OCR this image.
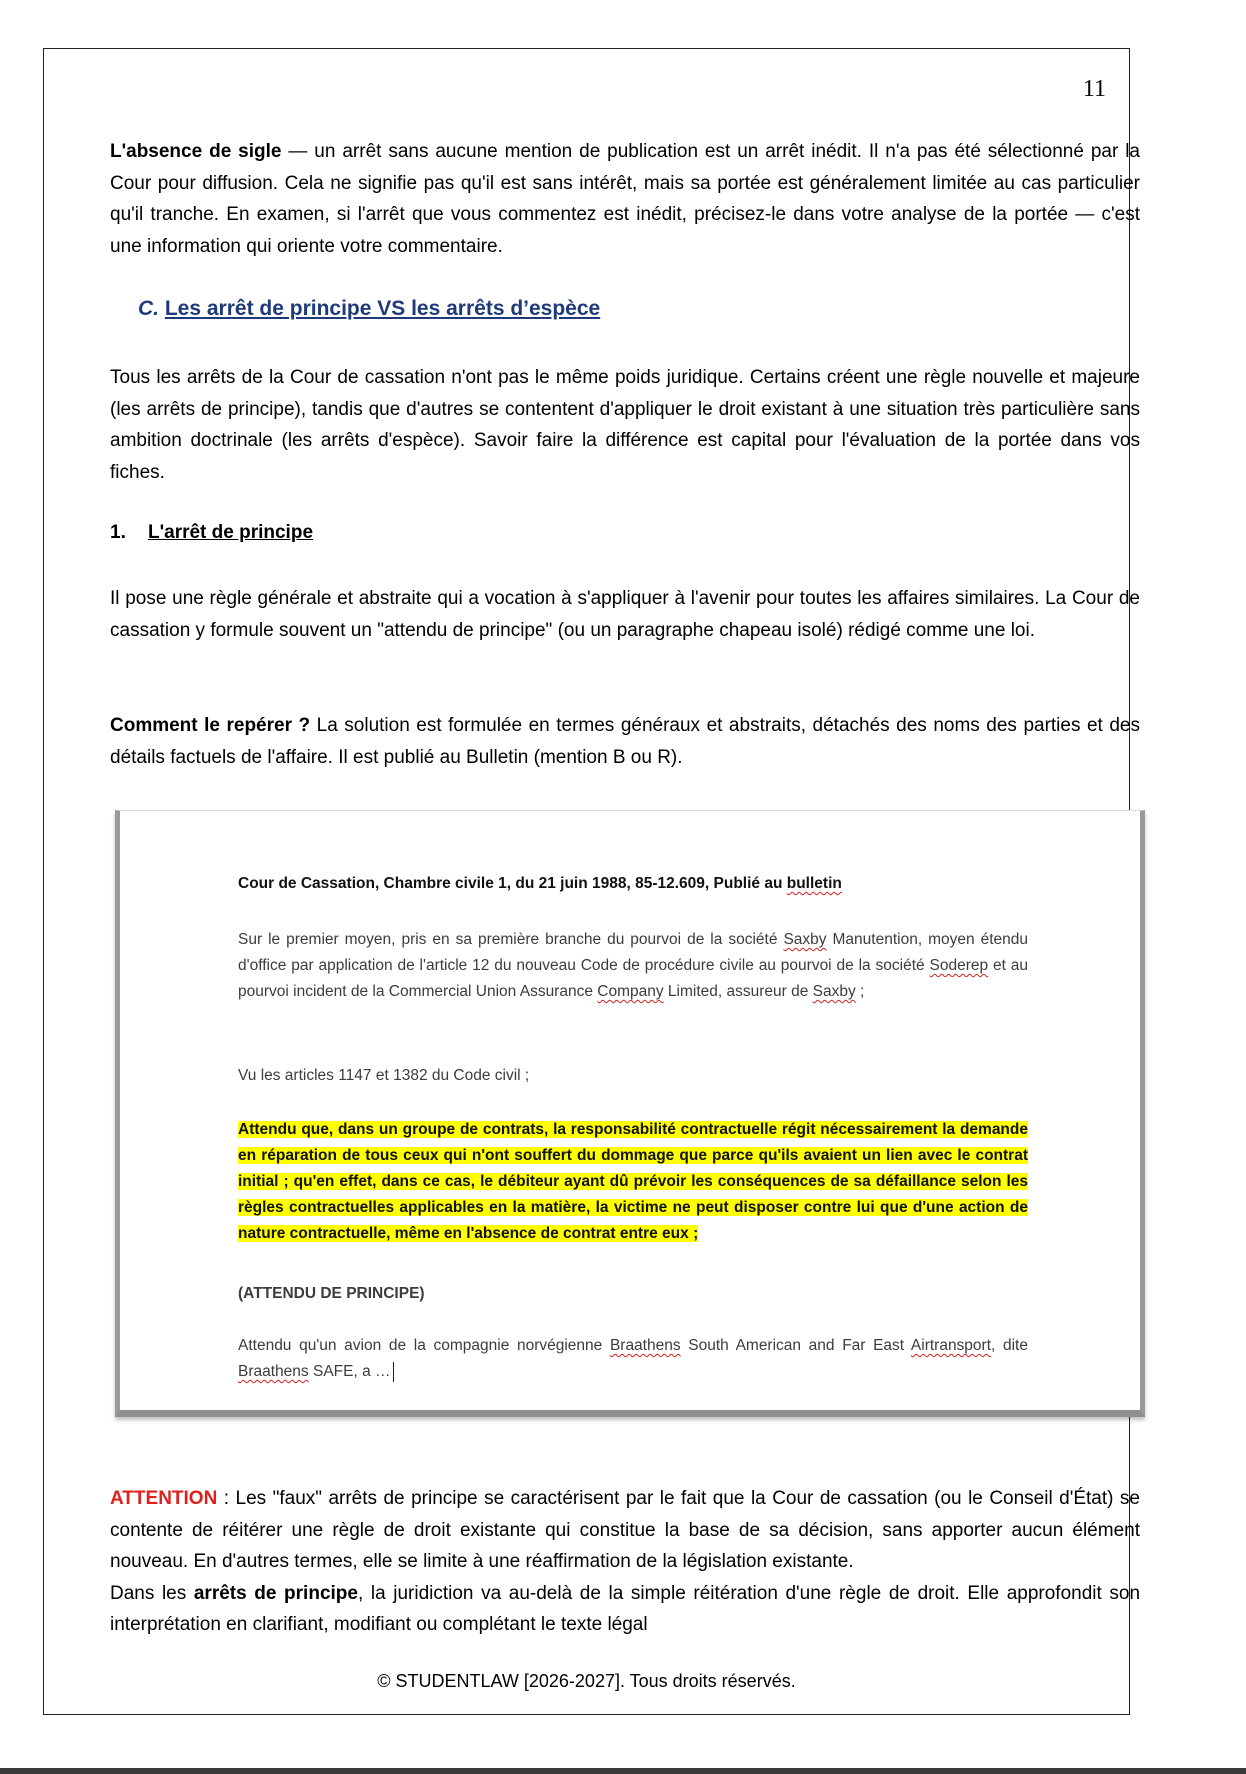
11

L'absence de sigle — un arrêt sans aucune mention de publication est un arrêt inédit. Il n'a pas été sélectionné par la Cour pour diffusion. Cela ne signifie pas qu'il est sans intérêt, mais sa portée est généralement limitée au cas particulier qu'il tranche. En examen, si l'arrêt que vous commentez est inédit, précisez-le dans votre analyse de la portée — c'est une information qui oriente votre commentaire.

C. Les arrêt de principe VS les arrêts d’espèce

Tous les arrêts de la Cour de cassation n'ont pas le même poids juridique. Certains créent une règle nouvelle et majeure (les arrêts de principe), tandis que d'autres se contentent d'appliquer le droit existant à une situation très particulière sans ambition doctrinale (les arrêts d'espèce). Savoir faire la différence est capital pour l'évaluation de la portée dans vos fiches.

1. L'arrêt de principe

Il pose une règle générale et abstraite qui a vocation à s'appliquer à l'avenir pour toutes les affaires similaires. La Cour de cassation y formule souvent un "attendu de principe" (ou un paragraphe chapeau isolé) rédigé comme une loi.

Comment le repérer ? La solution est formulée en termes généraux et abstraits, détachés des noms des parties et des détails factuels de l'affaire. Il est publié au Bulletin (mention B ou R).

Cour de Cassation, Chambre civile 1, du 21 juin 1988, 85-12.609, Publié au bulletin

Sur le premier moyen, pris en sa première branche du pourvoi de la société Saxby Manutention, moyen étendu d'office par application de l'article 12 du nouveau Code de procédure civile au pourvoi de la société Soderep et au pourvoi incident de la Commercial Union Assurance Company Limited, assureur de Saxby ;

Vu les articles 1147 et 1382 du Code civil ;

Attendu que, dans un groupe de contrats, la responsabilité contractuelle régit nécessairement la demande en réparation de tous ceux qui n'ont souffert du dommage que parce qu'ils avaient un lien avec le contrat initial ; qu'en effet, dans ce cas, le débiteur ayant dû prévoir les conséquences de sa défaillance selon les règles contractuelles applicables en la matière, la victime ne peut disposer contre lui que d'une action de nature contractuelle, même en l'absence de contrat entre eux ;

(ATTENDU DE PRINCIPE)

Attendu qu'un avion de la compagnie norvégienne Braathens South American and Far East Airtransport, dite Braathens SAFE, a …

ATTENTION : Les "faux" arrêts de principe se caractérisent par le fait que la Cour de cassation (ou le Conseil d'État) se contente de réitérer une règle de droit existante qui constitue la base de sa décision, sans apporter aucun élément nouveau. En d'autres termes, elle se limite à une réaffirmation de la législation existante.

Dans les arrêts de principe, la juridiction va au-delà de la simple réitération d'une règle de droit. Elle approfondit son interprétation en clarifiant, modifiant ou complétant le texte légal

© STUDENTLAW [2026-2027]. Tous droits réservés.
